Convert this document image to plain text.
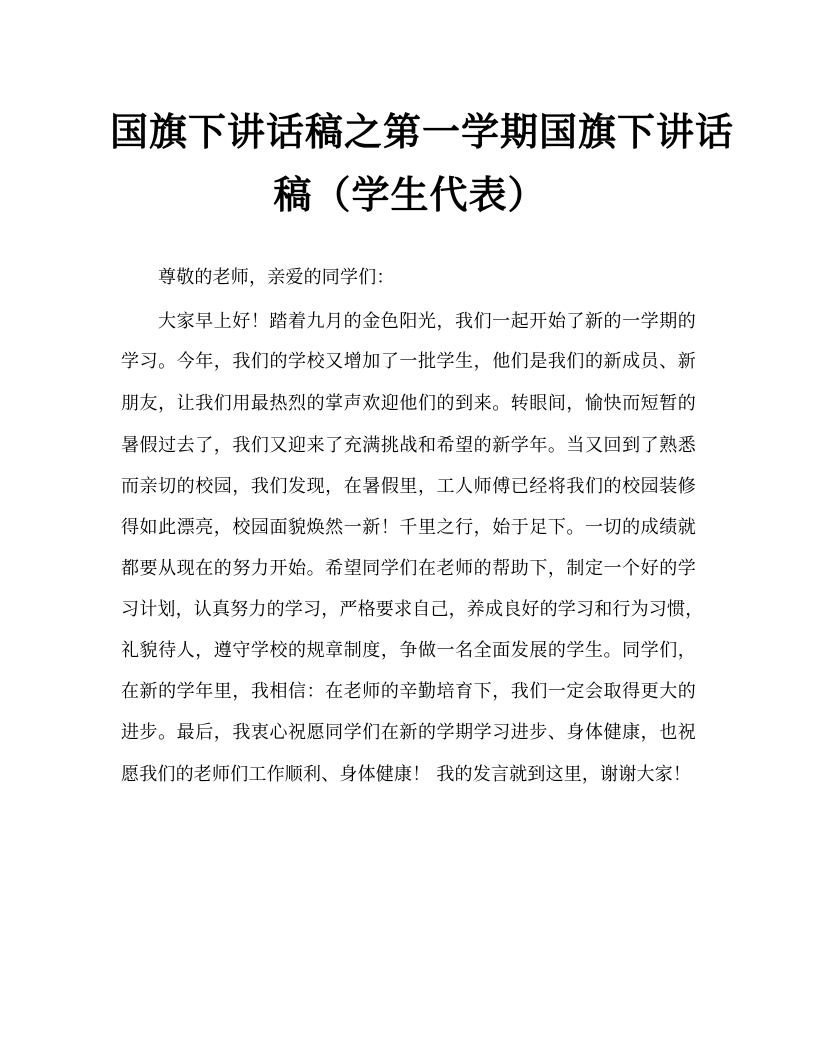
国旗下讲话稿之第一学期国旗下讲话
稿（学生代表）
尊敬的老师，亲爱的同学们：
大家早上好！踏着九月的金色阳光，我们一起开始了新的一学期的
学习。今年，我们的学校又增加了一批学生，他们是我们的新成员、新
朋友，让我们用最热烈的掌声欢迎他们的到来。转眼间，愉快而短暂的
暑假过去了，我们又迎来了充满挑战和希望的新学年。当又回到了熟悉
而亲切的校园，我们发现，在暑假里，工人师傅已经将我们的校园装修
得如此漂亮，校园面貌焕然一新！千里之行，始于足下。一切的成绩就
都要从现在的努力开始。希望同学们在老师的帮助下，制定一个好的学
习计划，认真努力的学习，严格要求自己，养成良好的学习和行为习惯，
礼貌待人，遵守学校的规章制度，争做一名全面发展的学生。同学们，
在新的学年里，我相信：在老师的辛勤培育下，我们一定会取得更大的
进步。最后，我衷心祝愿同学们在新的学期学习进步、身体健康，也祝
愿我们的老师们工作顺利、身体健康！ 我的发言就到这里，谢谢大家！
